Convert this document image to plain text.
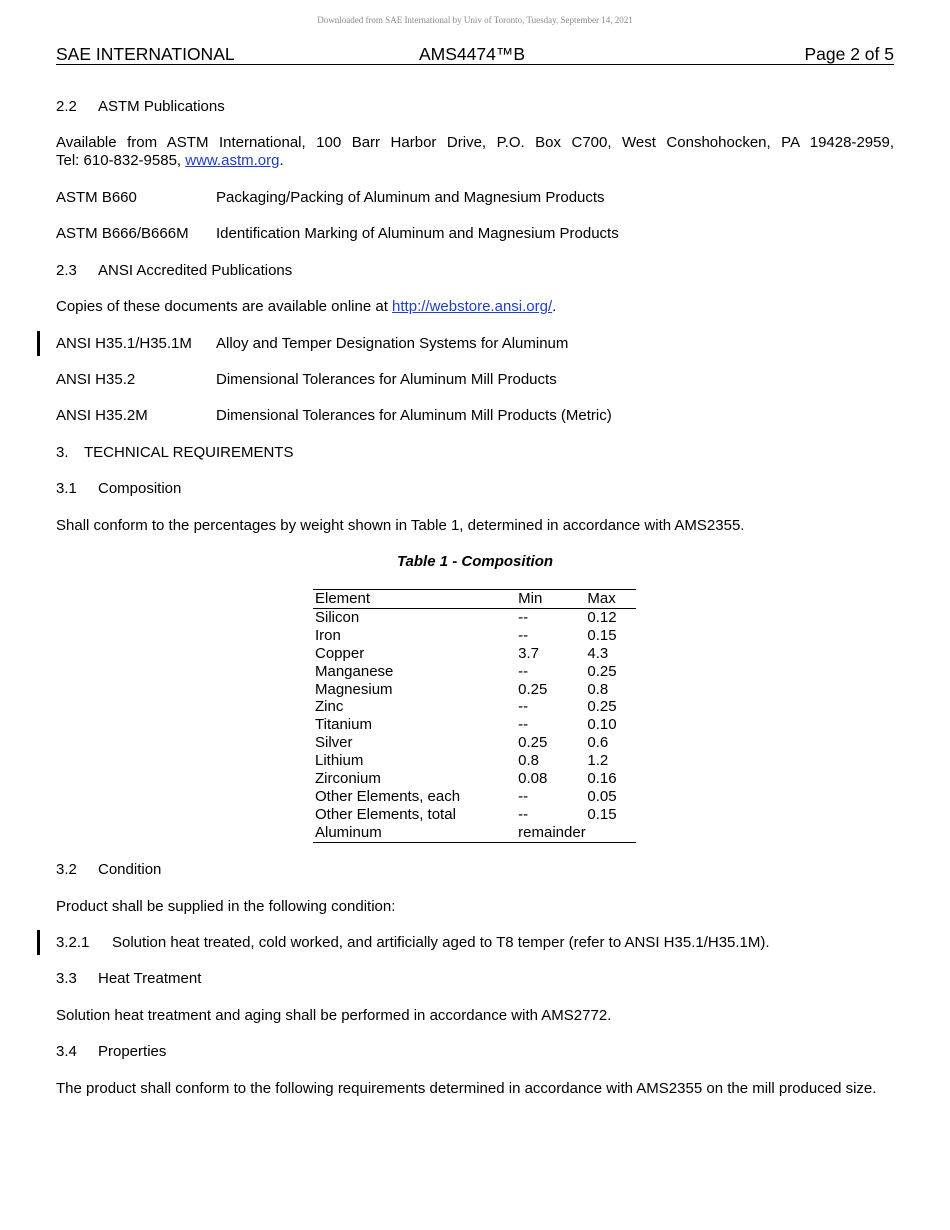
Downloaded from SAE International by Univ of Toronto, Tuesday, September 14, 2021
SAE INTERNATIONAL	AMS4474™B	Page 2 of 5
2.2 ASTM Publications
Available from ASTM International, 100 Barr Harbor Drive, P.O. Box C700, West Conshohocken, PA 19428-2959,
Tel: 610-832-9585, www.astm.org.
ASTM B660	Packaging/Packing of Aluminum and Magnesium Products
ASTM B666/B666M Identification Marking of Aluminum and Magnesium Products
2.3 ANSI Accredited Publications
Copies of these documents are available online at http://webstore.ansi.org/.
ANSI H35.1/H35.1M Alloy and Temper Designation Systems for Aluminum
ANSI H35.2	Dimensional Tolerances for Aluminum Mill Products
ANSI H35.2M	Dimensional Tolerances for Aluminum Mill Products (Metric)
3. TECHNICAL REQUIREMENTS
3.1 Composition
Shall conform to the percentages by weight shown in Table 1, determined in accordance with AMS2355.
Table 1 - Composition
Element	Min	Max
Silicon	--	0.12
Iron	--	0.15
Copper	3.7	4.3
Manganese	--	0.25
Magnesium	0.25	0.8
Zinc	--	0.25
Titanium	--	0.10
Silver	0.25	0.6
Lithium	0.8	1.2
Zirconium	0.08	0.16
Other Elements, each	--	0.05
Other Elements, total	--	0.15
Aluminum	remainder	
3.2 Condition
Product shall be supplied in the following condition:
3.2.1 Solution heat treated, cold worked, and artificially aged to T8 temper (refer to ANSI H35.1/H35.1M).
3.3 Heat Treatment
Solution heat treatment and aging shall be performed in accordance with AMS2772.
3.4 Properties
The product shall conform to the following requirements determined in accordance with AMS2355 on the mill produced size.
